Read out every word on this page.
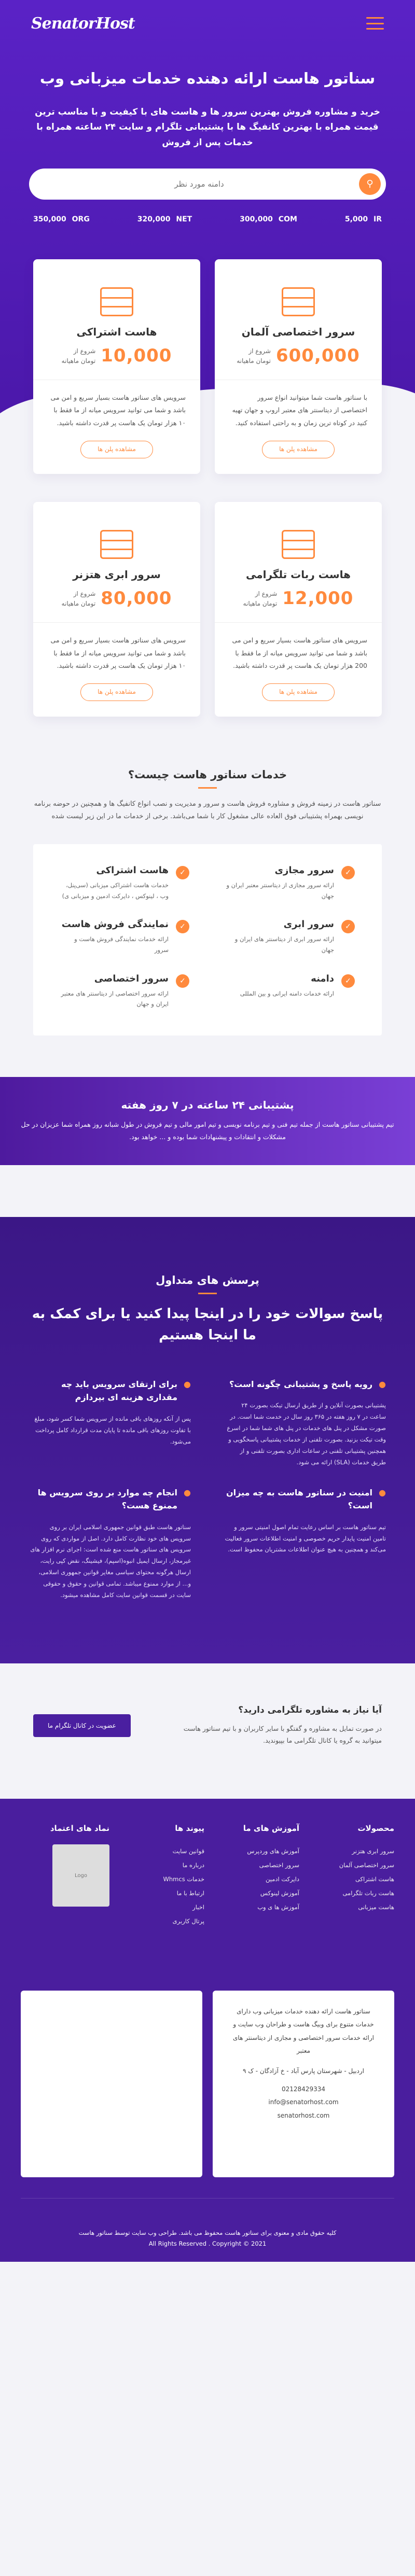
SenatorHost
سناتور هاست ارائه دهنده خدمات میزبانی وب

خرید و مشاوره فروش بهترین سرور ها و هاست های با کیفیت و با مناسب ترین قیمت همراه با بهترین کانفیگ ها با پشتیبانی تلگرام و سایت ۲۴ ساعته همراه با خدمات پس از فروش

⚲
دامنه مورد نظر
350,000 ORG	320,000 NET	300,000 COM	5,000 IR
سرور اختصاصی آلمان
600,000
شروع از
تومان ماهیانه

با سناتور هاست شما میتوانید انواع سرور اختصاصی از دیتاسنتر های معتبر اروپ و جهان تهیه کنید در کوتاه ترین زمان و به راحتی استفاده کنید.

مشاهده پلن ها
هاست اشتراکی
10,000
شروع از
تومان ماهیانه

سرویس های سناتور هاست بسیار سریع و امن می باشد و شما می توانید سرویس میانه از ما فقط با ۱۰ هزار تومان یک هاست پر قدرت داشته باشید.

مشاهده پلن ها
هاست ربات تلگرامی
12,000
شروع از
تومان ماهیانه

سرویس های سناتور هاست بسیار سریع و امن می باشد و شما می توانید سرویس میانه از ما فقط با 200 هزار تومان یک هاست پر قدرت داشته باشید.

مشاهده پلن ها
سرور ابری هتزنر
80,000
شروع از
تومان ماهیانه

سرویس های سناتور هاست بسیار سریع و امن می باشد و شما می توانید سرویس میانه از ما فقط با ۱۰ هزار تومان یک هاست پر قدرت داشته باشید.

مشاهده پلن ها
خدمات سناتور هاست چیست؟

سناتور هاست در زمینه فروش و مشاوره فروش هاست و سرور و مدیریت و نصب انواع کانفیگ ها و همچنین در حوضه برنامه نویسی بهمراه پشتیبانی فوق العاده عالی مشغول کار با شما می‌باشد. برخی از خدمات ما در این زیر لیست شده

✓
سرور مجازی
ارائه سرور مجازی از دیتاسنتر معتبر ایران و جهان
✓
هاست اشتراکی
خدمات هاست اشتراکی میزبانی (سی‌پنل، وب ، لینوکس ، دایرکت ادمین و میزبانی ی)
✓
سرور ابری
ارائه سرور ابری از دیتاسنتر های ایران و جهان
✓
نمایندگی فروش هاست
ارائه خدمات نمایندگی فروش هاست و سرور
✓
دامنه
ارائه خدمات دامنه ایرانی و بین المللی
✓
سرور اختصاصی
ارائه سرور اختصاصی از دیتاسنتر های معتبر ایران و جهان
پشتیبانی ۲۴ ساعته در ۷ روز هفته

تیم پشتیبانی سناتور هاست از جمله تیم فنی و تیم برنامه نویسی و تیم امور مالی و تیم فروش در طول شبانه روز همراه شما عزیزان در حل مشکلات و انتقادات و پیشنهادات شما بوده و ... خواهد بود.

پرسش های متداول
پاسخ سوالات خود را در اینجا پیدا کنید یا برای کمک به ما اینجا هستیم
●
رویه پاسخ و پشتیبانی چگونه است؟

پشتیبانی بصورت آنلاین و از طریق ارسال تیکت بصورت ۲۴ ساعت در ۷ روز هفته در ۳۶۵ روز سال در خدمت شما است. در صورت مشکل در پنل های خدمات در پنل های شما شما در اسرع وقت تیکت بزنید. بصورت تلفنی از خدمات پشتیبانی پاسخگویی و همچنین پشتیبانی تلفنی در ساعات اداری بصورت تلفنی و از طریق خدمات (SLA) ارائه می شود.

●
برای ارتقای سرویس باید چه مقداری هزینه ای بپردازم

پس از آنکه روزهای باقی مانده از سرویس شما کسر شود، مبلغ با تفاوت روزهای باقی مانده تا پایان مدت قرارداد کامل پرداخت می‌شود.

●
امنیت در سناتور هاست به چه میزان است؟

تیم سناتور هاست بر اساس رعایت تمام اصول امنیتی سرور و تامین امنیت پایدار حریم خصوصی و امنیت اطلاعات سرور فعالیت می‌کند و همچنین به هیچ عنوان اطلاعات مشتریان محفوظ است.

●
انجام چه موارد بر روی سرویس ها ممنوع هست؟

سناتور هاست طبق قوانین جمهوری اسلامی ایران بر روی سرویس های خود نظارت کامل دارد. اصل از مواردی که روی سرویس های سناتور هاست منع شده است: اجرای نرم افزار های غیرمجاز، ارسال ایمیل انبوه(اسپم)، فیشینگ، نقض کپی رایت، ارسال هرگونه محتوای سیاسی مغایر قوانین جمهوری اسلامی، و... از موارد ممنوع میباشد. تمامی قوانین و حقوق و حقوقی سایت در قسمت قوانین سایت کامل مشاهده میشود.

آیا نیاز به مشاوره تلگرامی دارید؟

در صورت تمایل به مشاوره و گفتگو با سایر کاربران و با تیم سناتور هاست میتوانید به گروه یا کانال تلگرامی ما بپیوندید.

عضویت در کانال تلگرام ما
محصولات
سرور ابری هتزنر
سرور اختصاصی آلمان
هاست اشتراکی
هاست ربات تلگرامی
هاست میزبانی
آموزش های ما
آموزش های وردپرس
سرور اختصاصی
دایرکت ادمین
آموزش لینوکس
آموزش ها ی وب
پیوند ها
قوانین سایت
درباره ما
خدمات Whmcs
ارتباط با ما
اخبار
پرتال کاربری
نماد های اعتماد
Logo

سناتور هاست ارائه دهنده خدمات میزبانی وب دارای خدمات متنوع برای وبیگ هاست و طراحان وب سایت و ارائه خدمات سرور اختصاصی و مجازی از دیتاسنتر های معتبر

اردبیل - شهرستان پارس آباد - خ آزادگان - ک ۹

02128429334

info@senatorhost.com

senatorhost.com

کلیه حقوق مادی و معنوی برای سناتور هاست محفوظ می باشد. طراحی وب سایت توسط سناتور هاست
All Rights Reserved . Copyright © 2021
